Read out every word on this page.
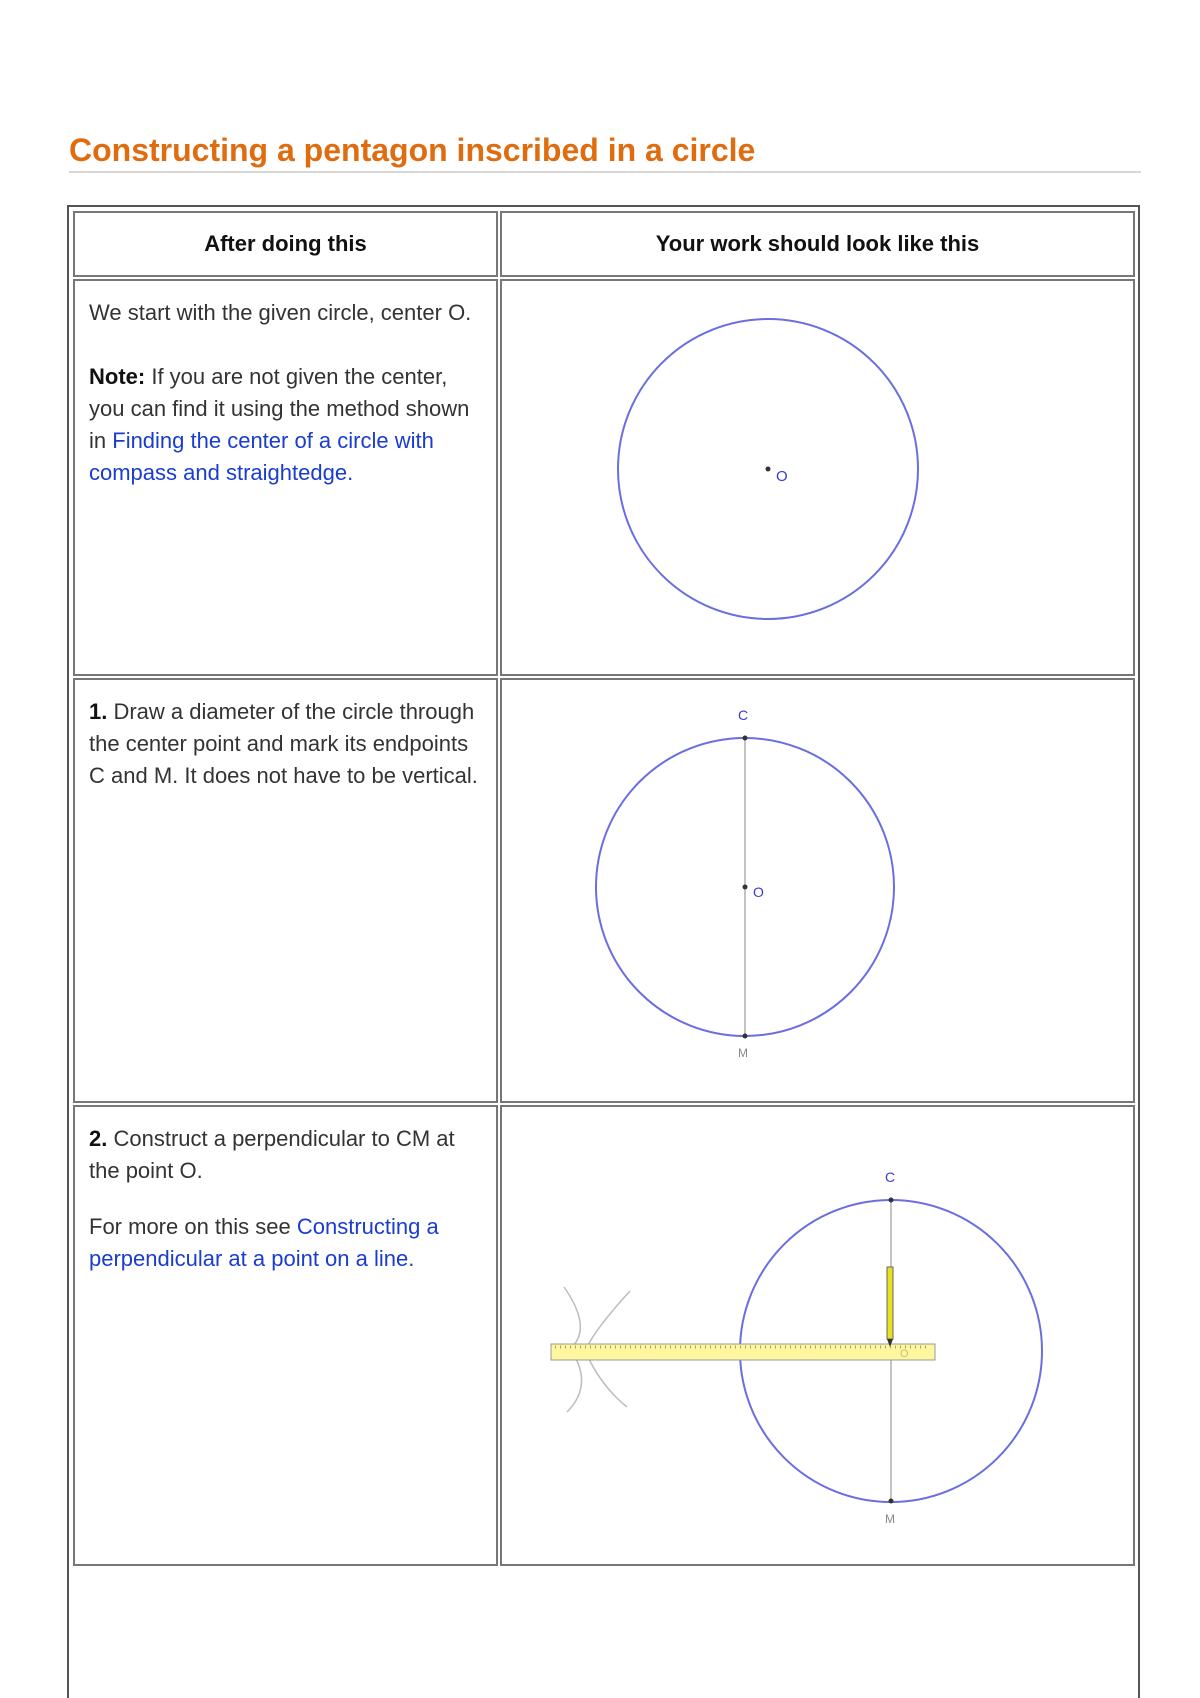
Constructing a pentagon inscribed in a circle
After doing this	Your work should look like this

We start with the given circle, center O.

Note: If you are not given the center, you can find it using the method shown in Finding the center of a circle with compass and straightedge.	O

1. Draw a diameter of the circle through the center point and mark its endpoints C and M. It does not have to be vertical.

C
O
M

2. Construct a perpendicular to CM at the point O.

For more on this see Constructing a perpendicular at a point on a line.

C
O
M
